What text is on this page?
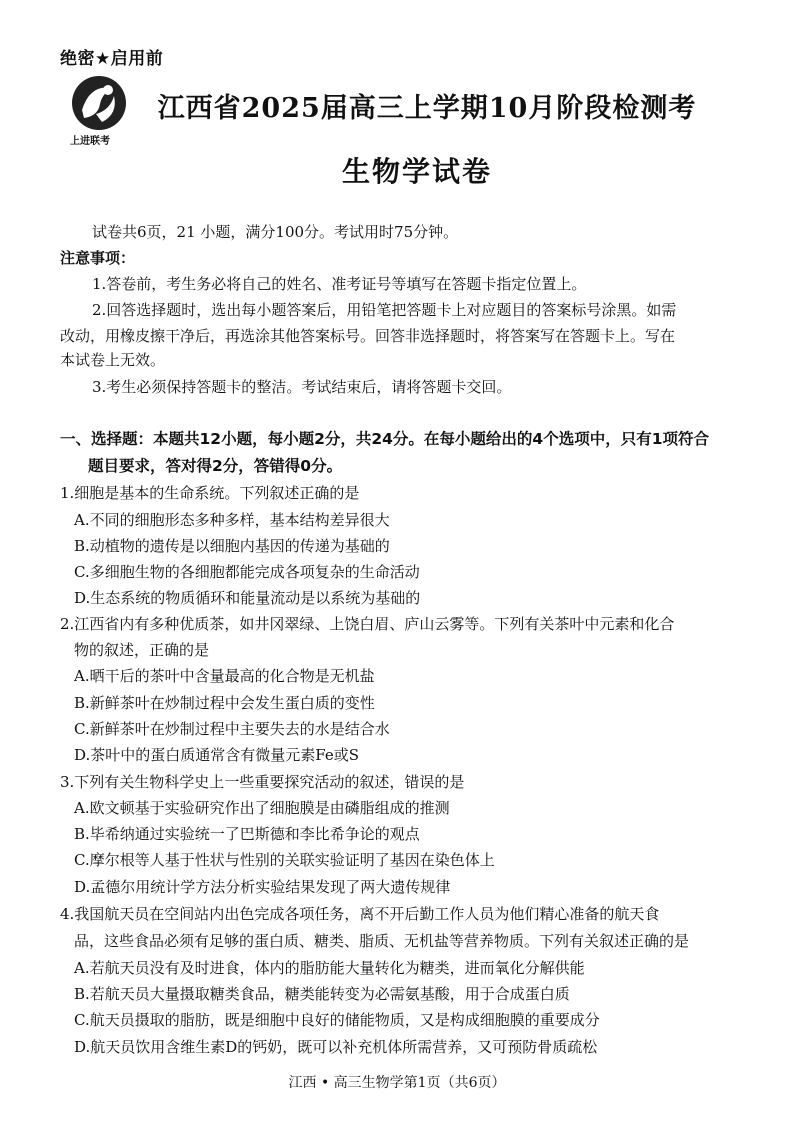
绝密★启用前
上进联考
江西省2025届高三上学期10月阶段检测考
生物学试卷
试卷共6页，21 小题，满分100分。考试用时75分钟。
注意事项：
1.答卷前，考生务必将自己的姓名、准考证号等填写在答题卡指定位置上。
2.回答选择题时，选出每小题答案后，用铅笔把答题卡上对应题目的答案标号涂黑。如需
改动，用橡皮擦干净后，再选涂其他答案标号。回答非选择题时，将答案写在答题卡上。写在
本试卷上无效。
3.考生必须保持答题卡的整洁。考试结束后，请将答题卡交回。
一、选择题：本题共12小题，每小题2分，共24分。在每小题给出的4个选项中，只有1项符合
题目要求，答对得2分，答错得0分。
1.细胞是基本的生命系统。下列叙述正确的是
A.不同的细胞形态多种多样，基本结构差异很大
B.动植物的遗传是以细胞内基因的传递为基础的
C.多细胞生物的各细胞都能完成各项复杂的生命活动
D.生态系统的物质循环和能量流动是以系统为基础的
2.江西省内有多种优质茶，如井冈翠绿、上饶白眉、庐山云雾等。下列有关茶叶中元素和化合
物的叙述，正确的是
A.晒干后的茶叶中含量最高的化合物是无机盐
B.新鲜茶叶在炒制过程中会发生蛋白质的变性
C.新鲜茶叶在炒制过程中主要失去的水是结合水
D.茶叶中的蛋白质通常含有微量元素Fe或S
3.下列有关生物科学史上一些重要探究活动的叙述，错误的是
A.欧文顿基于实验研究作出了细胞膜是由磷脂组成的推测
B.毕希纳通过实验统一了巴斯德和李比希争论的观点
C.摩尔根等人基于性状与性别的关联实验证明了基因在染色体上
D.孟德尔用统计学方法分析实验结果发现了两大遗传规律
4.我国航天员在空间站内出色完成各项任务，离不开后勤工作人员为他们精心准备的航天食
品，这些食品必须有足够的蛋白质、糖类、脂质、无机盐等营养物质。下列有关叙述正确的是
A.若航天员没有及时进食，体内的脂肪能大量转化为糖类，进而氧化分解供能
B.若航天员大量摄取糖类食品，糖类能转变为必需氨基酸，用于合成蛋白质
C.航天员摄取的脂肪，既是细胞中良好的储能物质，又是构成细胞膜的重要成分
D.航天员饮用含维生素D的钙奶，既可以补充机体所需营养，又可预防骨质疏松
江西 • 高三生物学第1页（共6页）
